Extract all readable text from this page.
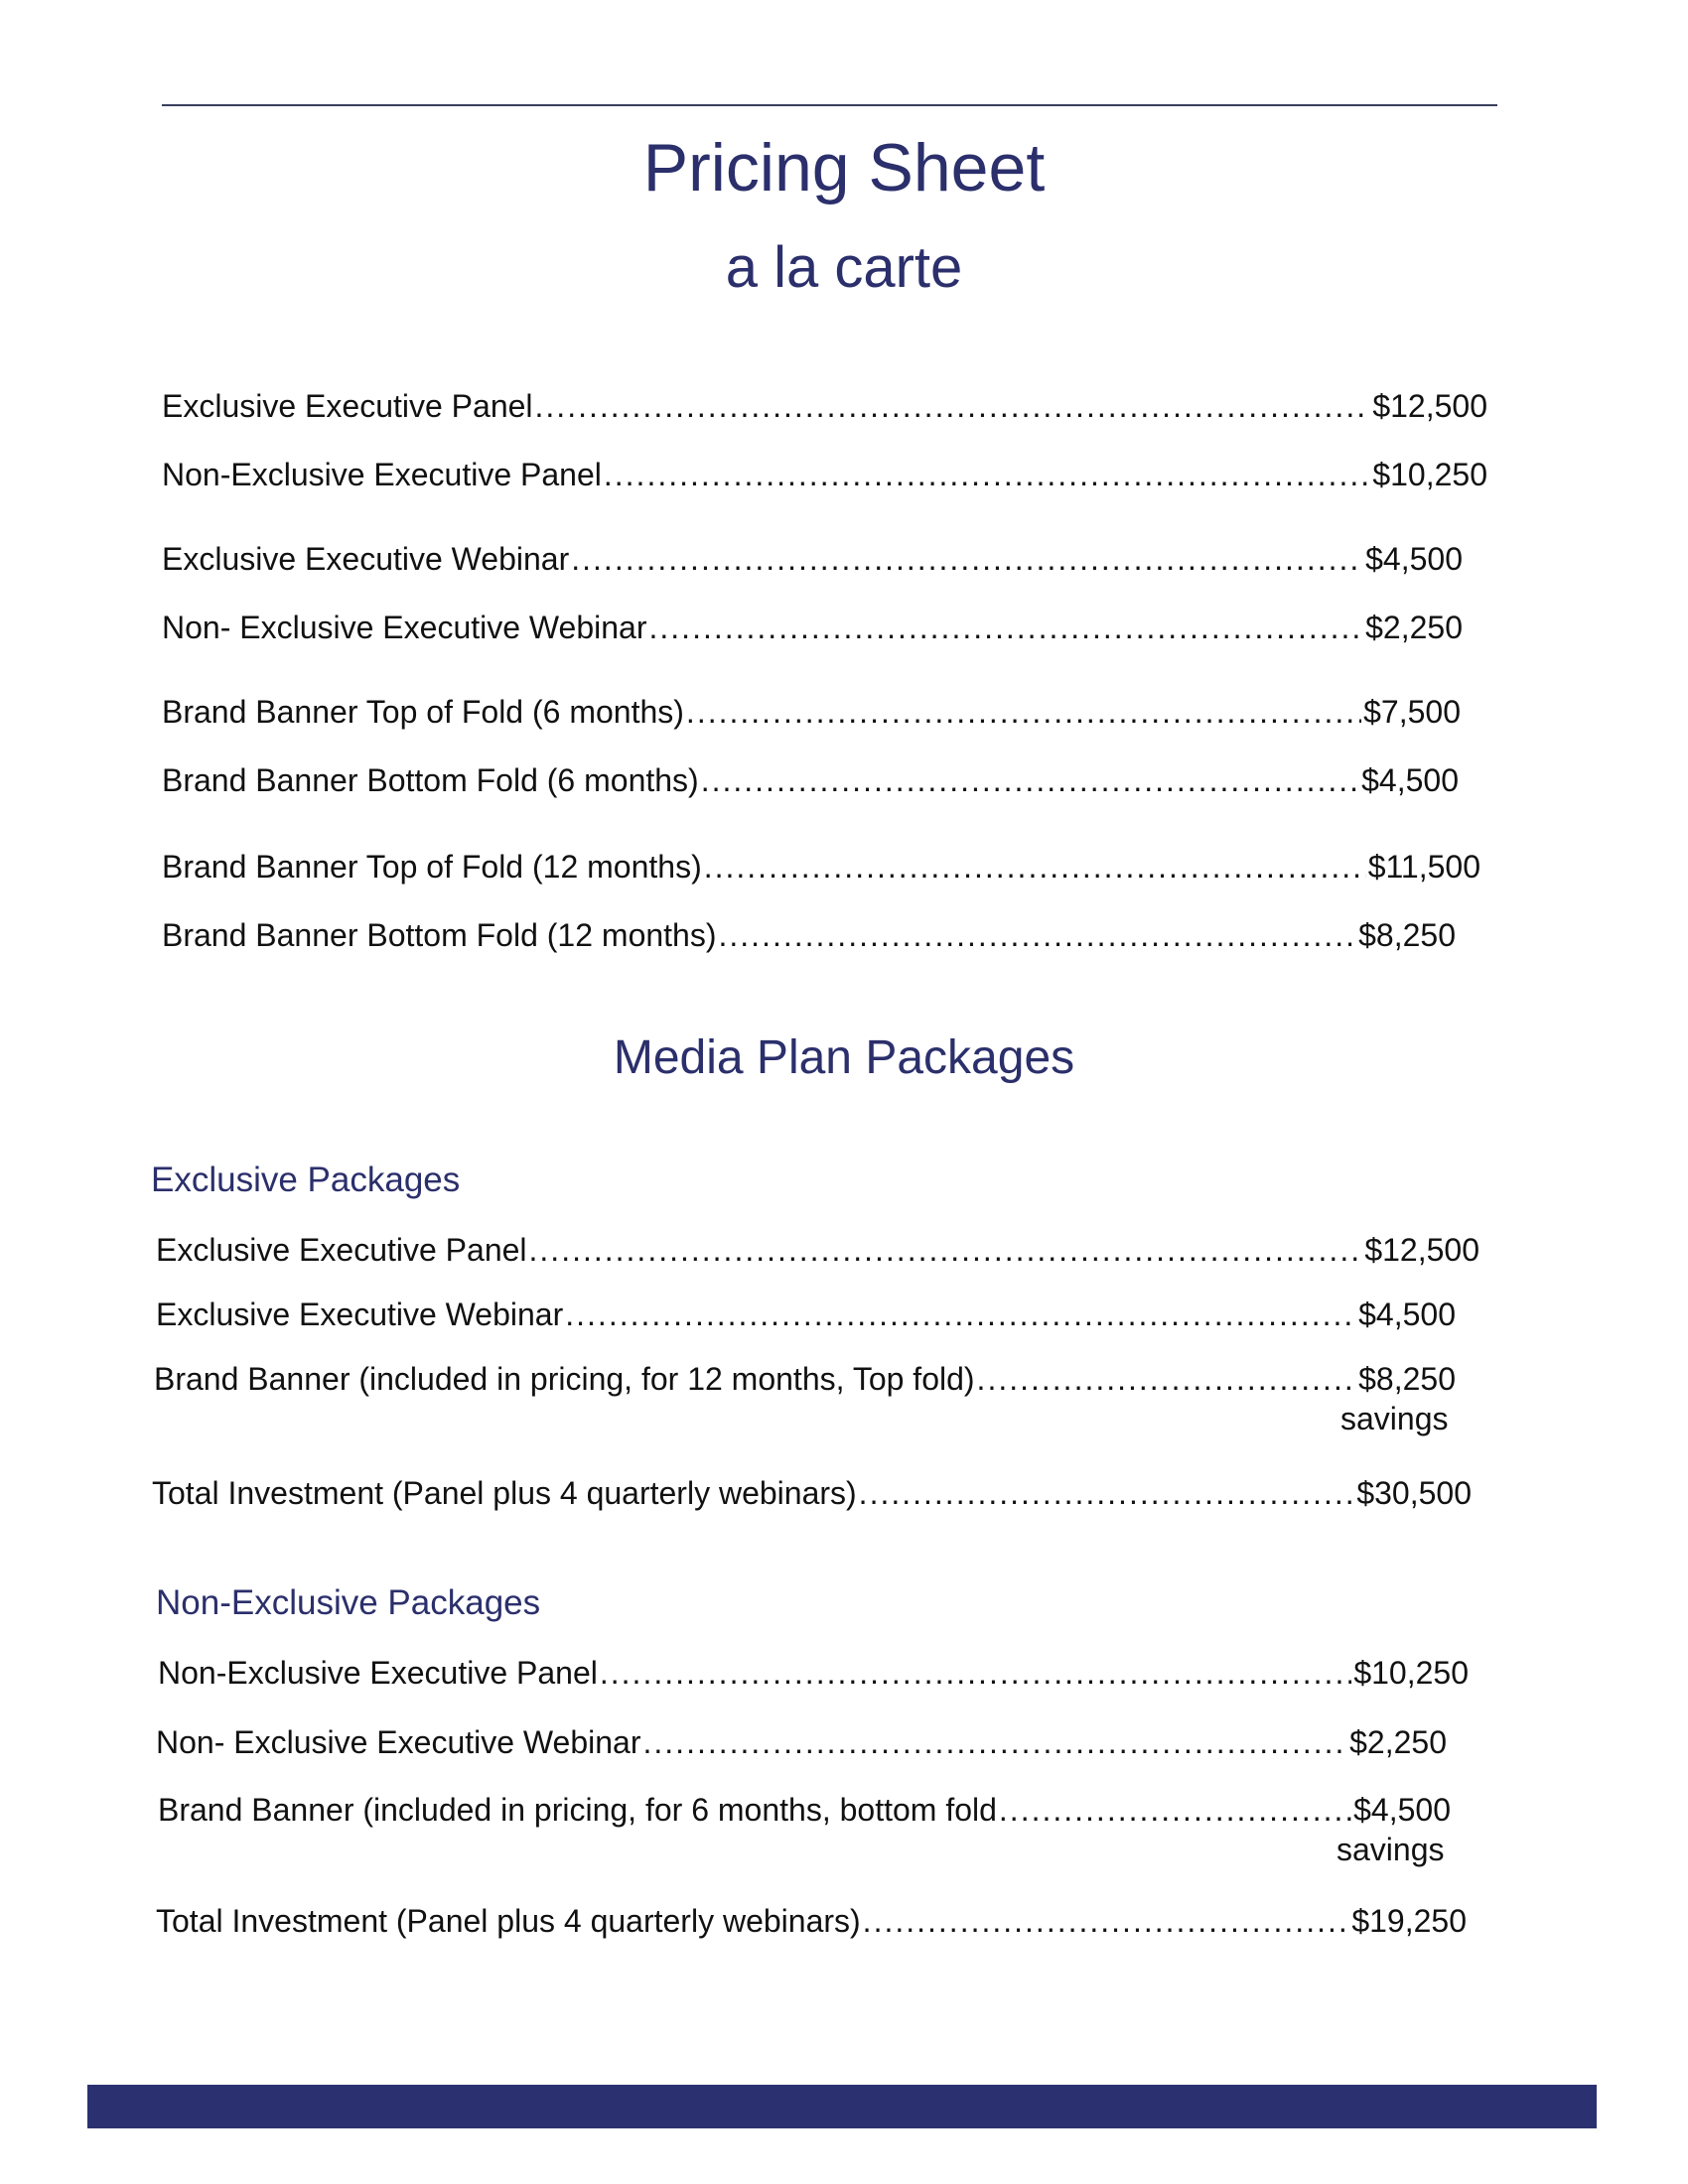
Pricing Sheet
a la carte
Exclusive Executive Panel .....	$12,500
Non-Exclusive Executive Panel .....	$10,250
Exclusive Executive Webinar .....	$4,500
Non- Exclusive Executive Webinar .....	$2,250
Brand Banner Top of Fold (6 months) .....	$7,500
Brand Banner Bottom Fold (6 months) .....	$4,500
Brand Banner Top of Fold (12 months) .....	$11,500
Brand Banner Bottom Fold (12 months) .....	$8,250
Media Plan Packages
Exclusive Packages
Exclusive Executive Panel .....	$12,500
Exclusive Executive Webinar .....	$4,500
Brand Banner (included in pricing, for 12 months, Top fold) .....	$8,250
savings
Total Investment (Panel plus 4 quarterly webinars) .....	$30,500
Non-Exclusive Packages
Non-Exclusive Executive Panel .....	$10,250
Non- Exclusive Executive Webinar .....	$2,250
Brand Banner (included in pricing, for 6 months, bottom fold .....	$4,500
savings
Total Investment (Panel plus 4 quarterly webinars) .....	$19,250
